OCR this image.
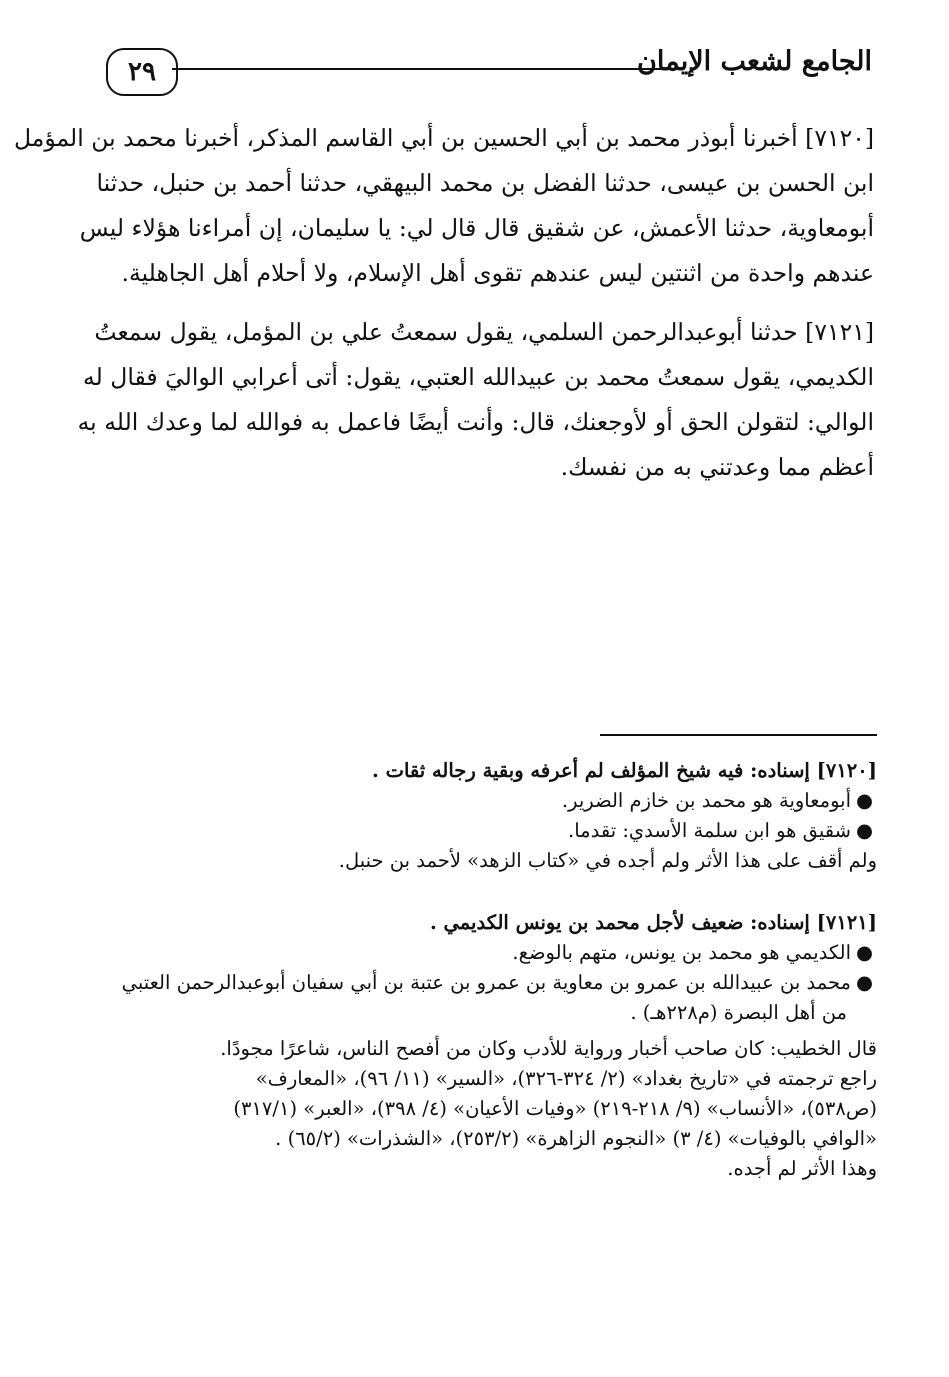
الجامع لشعب الإيمان
٢٩
[٧١٢٠] أخبرنا أبوذر محمد بن أبي الحسين بن أبي القاسم المذكر، أخبرنا محمد بن المؤمل
ابن الحسن بن عيسى، حدثنا الفضل بن محمد البيهقي، حدثنا أحمد بن حنبل، حدثنا
أبومعاوية، حدثنا الأعمش، عن شقيق قال قال لي: يا سليمان، إن أمراءنا هؤلاء ليس
عندهم واحدة من اثنتين ليس عندهم تقوى أهل الإسلام، ولا أحلام أهل الجاهلية.
[٧١٢١] حدثنا أبوعبدالرحمن السلمي، يقول سمعتُ علي بن المؤمل، يقول سمعتُ
الكديمي، يقول سمعتُ محمد بن عبيدالله العتبي، يقول: أتى أعرابي الواليَ فقال له
الوالي: لتقولن الحق أو لأوجعنك، قال: وأنت أيضًا فاعمل به فوالله لما وعدك الله به
أعظم مما وعدتني به من نفسك.
[٧١٢٠] إسناده: فيه شيخ المؤلف لم أعرفه وبقية رجاله ثقات .
●أبومعاوية هو محمد بن خازم الضرير.
●شقيق هو ابن سلمة الأسدي: تقدما.
ولم أقف على هذا الأثر ولم أجده في «كتاب الزهد» لأحمد بن حنبل.
[٧١٢١] إسناده: ضعيف لأجل محمد بن يونس الكديمي .
●الكديمي هو محمد بن يونس، متهم بالوضع.
●محمد بن عبيدالله بن عمرو بن معاوية بن عمرو بن عتبة بن أبي سفيان أبوعبدالرحمن العتبي
من أهل البصرة (م٢٢٨هـ) .
قال الخطيب: كان صاحب أخبار ورواية للأدب وكان من أفصح الناس، شاعرًا مجودًا.
راجع ترجمته في «تاريخ بغداد» (٢/ ٣٢٤-٣٢٦)، «السير» (١١/ ٩٦)، «المعارف»
(ص٥٣٨)، «الأنساب» (٩/ ٢١٨-٢١٩) «وفيات الأعيان» (٤/ ٣٩٨)، «العبر» (٣١٧/١)
«الوافي بالوفيات» (٤/ ٣) «النجوم الزاهرة» (٢٥٣/٢)، «الشذرات» (٦٥/٢) .
وهذا الأثر لم أجده.
